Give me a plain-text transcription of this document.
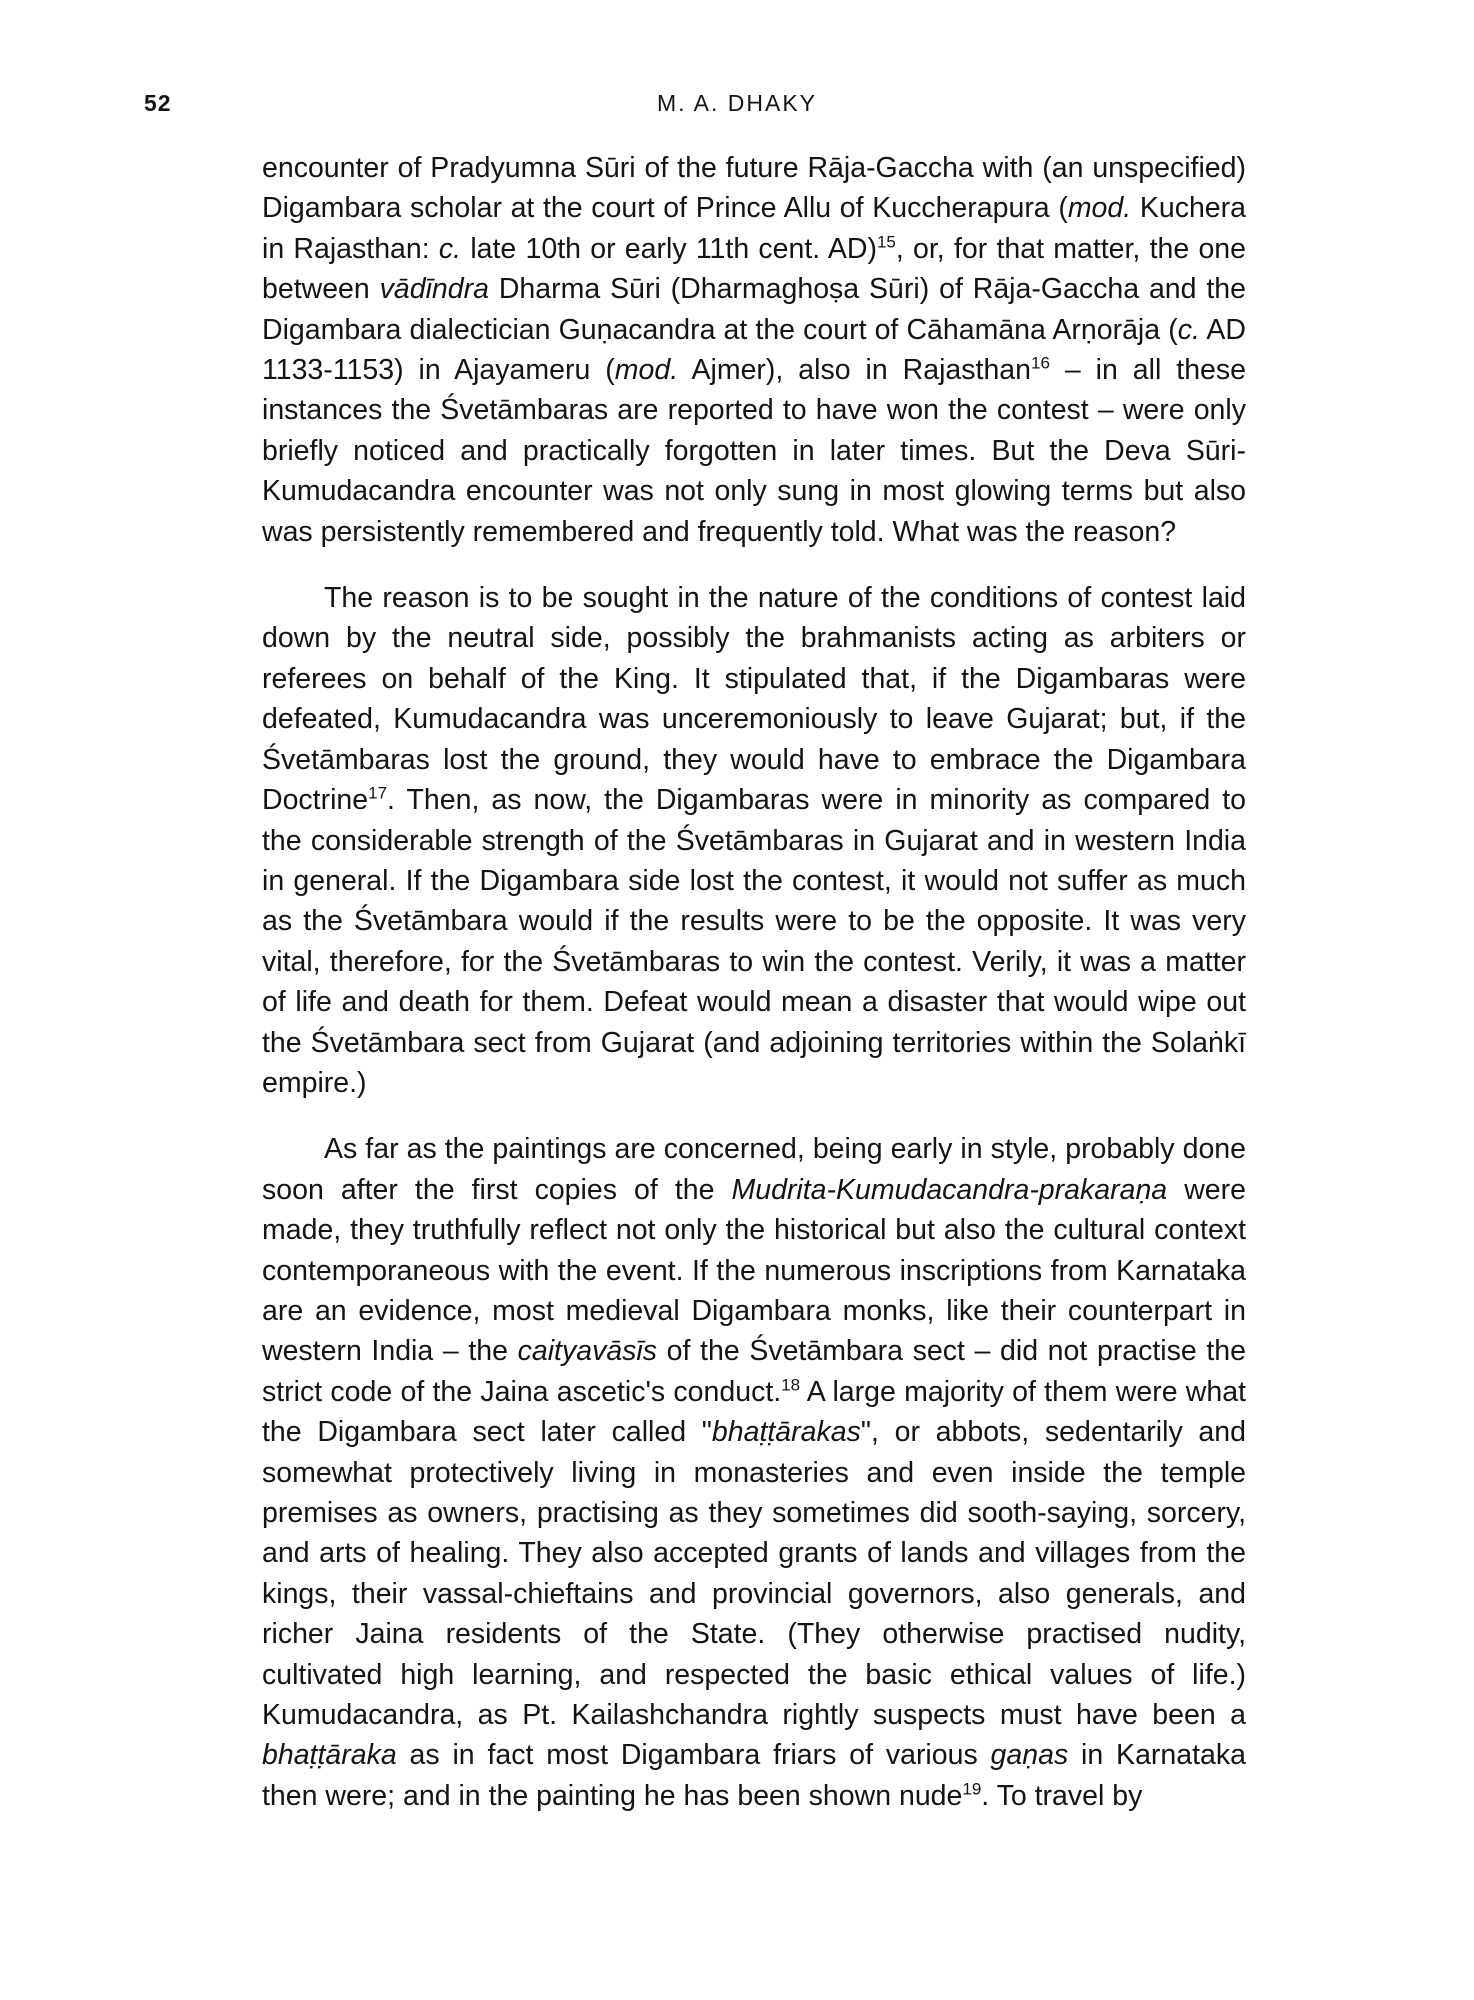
52	M. A. DHAKY

encounter of Pradyumna Sūri of the future Rāja-Gaccha with (an unspecified) Digambara scholar at the court of Prince Allu of Kuccherapura (mod. Kuchera in Rajasthan: c. late 10th or early 11th cent. AD)$^{15}$, or, for that matter, the one between vādīndra Dharma Sūri (Dharmaghoṣa Sūri) of Rāja-Gaccha and the Digambara dialectician Guṇacandra at the court of Cāhamāna Arṇorāja (c. AD 1133-1153) in Ajayameru (mod. Ajmer), also in Rajasthan$^{16}$ – in all these instances the Śvetāmbaras are reported to have won the contest – were only briefly noticed and practically forgotten in later times. But the Deva Sūri-Kumudacandra encounter was not only sung in most glowing terms but also was persistently remembered and frequently told. What was the reason?

The reason is to be sought in the nature of the conditions of contest laid down by the neutral side, possibly the brahmanists acting as arbiters or referees on behalf of the King. It stipulated that, if the Digambaras were defeated, Kumudacandra was unceremoniously to leave Gujarat; but, if the Śvetāmbaras lost the ground, they would have to embrace the Digambara Doctrine$^{17}$. Then, as now, the Digambaras were in minority as compared to the considerable strength of the Śvetāmbaras in Gujarat and in western India in general. If the Digambara side lost the contest, it would not suffer as much as the Śvetāmbara would if the results were to be the opposite. It was very vital, therefore, for the Śvetāmbaras to win the contest. Verily, it was a matter of life and death for them. Defeat would mean a disaster that would wipe out the Śvetāmbara sect from Gujarat (and adjoining territories within the Solaṅkī empire.)

As far as the paintings are concerned, being early in style, probably done soon after the first copies of the Mudrita-Kumudacandra-prakaraṇa were made, they truthfully reflect not only the historical but also the cultural context contemporaneous with the event. If the numerous inscriptions from Karnataka are an evidence, most medieval Digambara monks, like their counterpart in western India – the caityavāsīs of the Śvetāmbara sect – did not practise the strict code of the Jaina ascetic's conduct.$^{18}$ A large majority of them were what the Digambara sect later called "bhaṭṭārakas", or abbots, sedentarily and somewhat protectively living in monasteries and even inside the temple premises as owners, practising as they sometimes did sooth-saying, sorcery, and arts of healing. They also accepted grants of lands and villages from the kings, their vassal-chieftains and provincial governors, also generals, and richer Jaina residents of the State. (They otherwise practised nudity, cultivated high learning, and respected the basic ethical values of life.) Kumudacandra, as Pt. Kailashchandra rightly suspects must have been a bhaṭṭāraka as in fact most Digambara friars of various gaṇas in Karnataka then were; and in the painting he has been shown nude$^{19}$. To travel by
